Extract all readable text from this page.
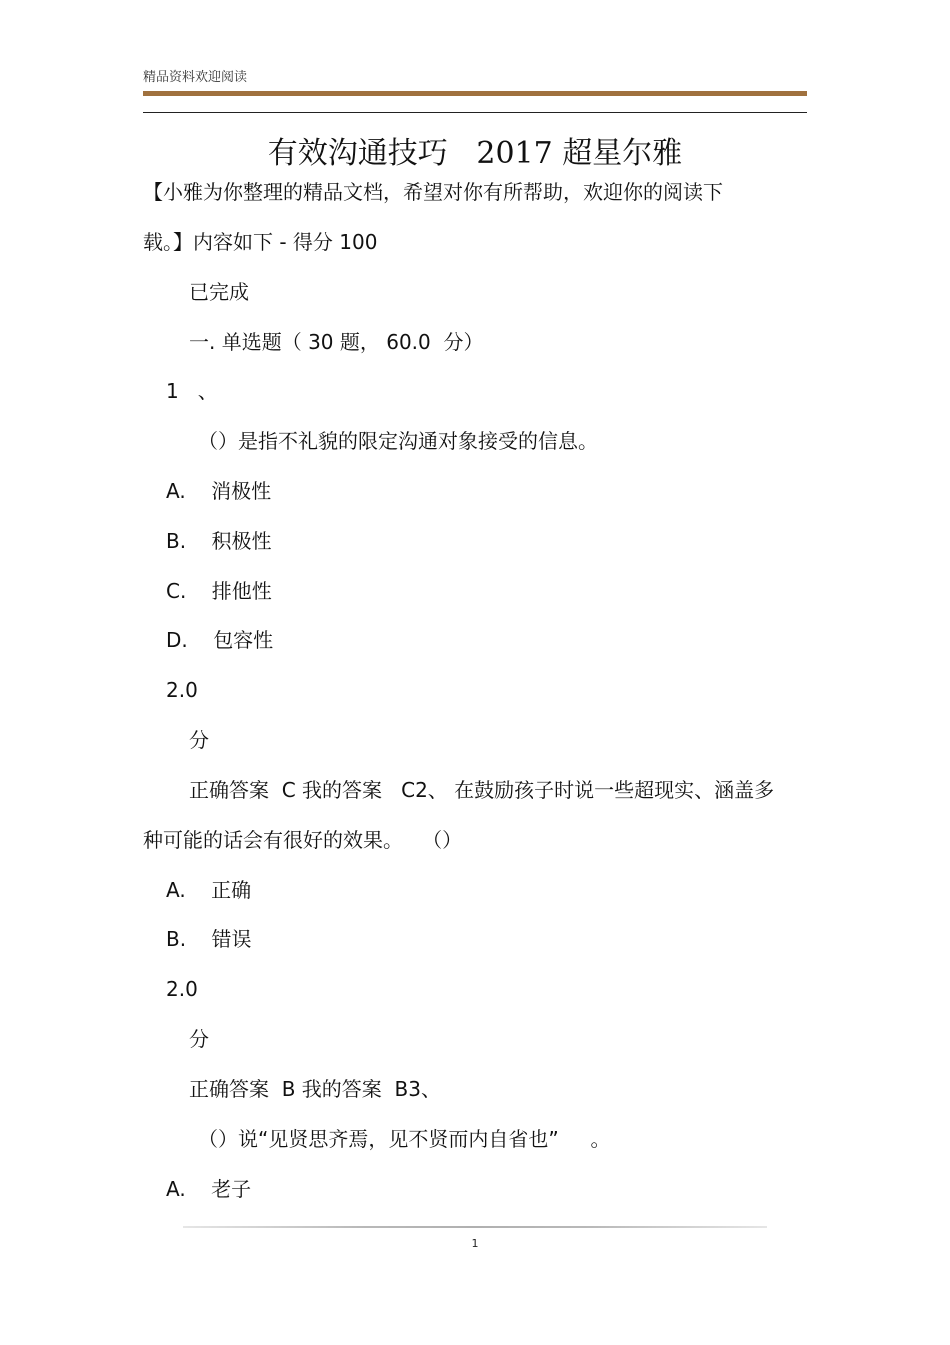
精品资料欢迎阅读
有效沟通技巧   2017 超星尔雅
【小雅为你整理的精品文档，希望对你有所帮助，欢迎你的阅读下
载。】内容如下 - 得分 100
已完成
一. 单选题（ 30 题， 60.0  分）
1   、
（）是指不礼貌的限定沟通对象接受的信息。
A.    消极性
B.    积极性
C.    排他性
D.    包容性
2.0
分
正确答案  C 我的答案   C2、 在鼓励孩子时说一些超现实、涵盖多
种可能的话会有很好的效果。   （）
A.    正确
B.    错误
2.0
分
正确答案  B 我的答案  B3、
（）说“见贤思齐焉，见不贤而内自省也”     。
A.    老子
1
